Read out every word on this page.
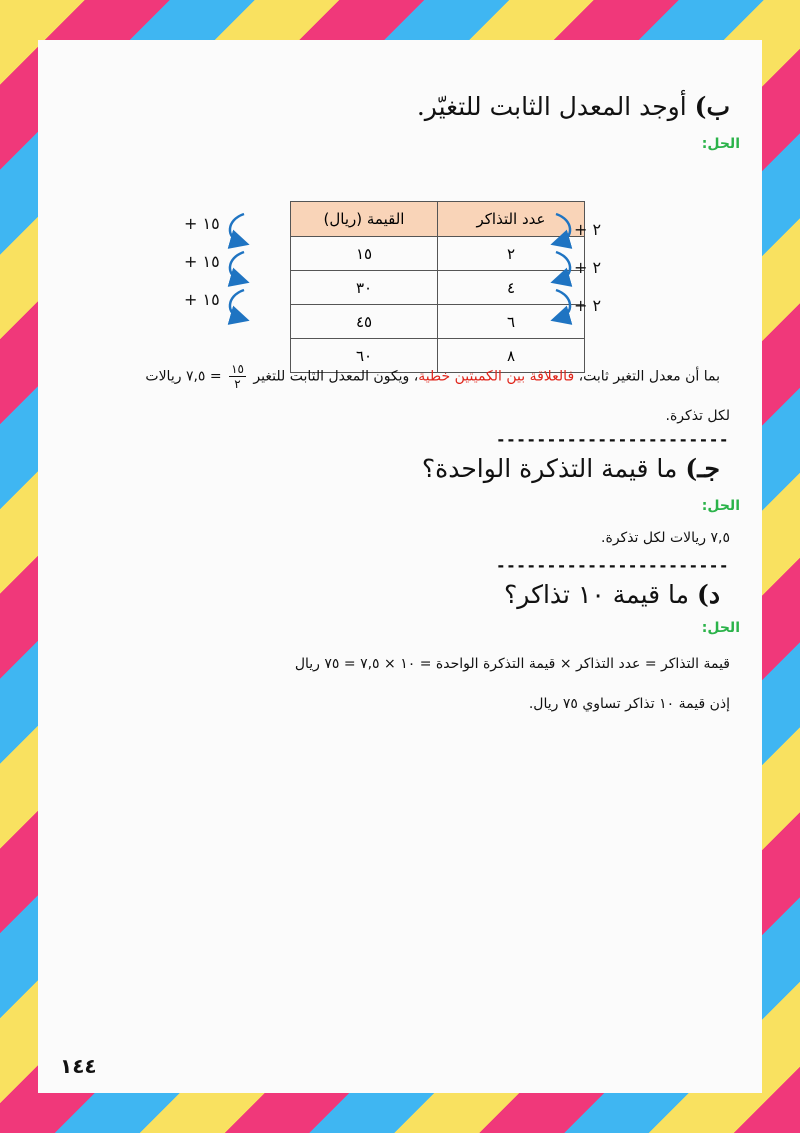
ب) أوجد المعدل الثابت للتغيّر.
الحل:
عدد التذاكر	القيمة (ريال)
٢	١٥
٤	٣٠
٦	٤٥
٨	٦٠
+ ١٥
+ ١٥
+ ١٥
+ ٢
+ ٢
+ ٢
بما أن معدل التغير ثابت، فالعلاقة بين الكميتين خطية، ويكون المعدل الثابت للتغير
$\frac{١٥}{٢}$
= ٧,٥ ريالات
لكل تذكرة.
-----------------------
جـ) ما قيمة التذكرة الواحدة؟
الحل:
٧,٥ ريالات لكل تذكرة.
-----------------------
د) ما قيمة ١٠ تذاكر؟
الحل:
قيمة التذاكر = عدد التذاكر × قيمة التذكرة الواحدة = ١٠ × ٧,٥ = ٧٥ ريال
إذن قيمة ١٠ تذاكر تساوي ٧٥ ريال.
١٤٤
